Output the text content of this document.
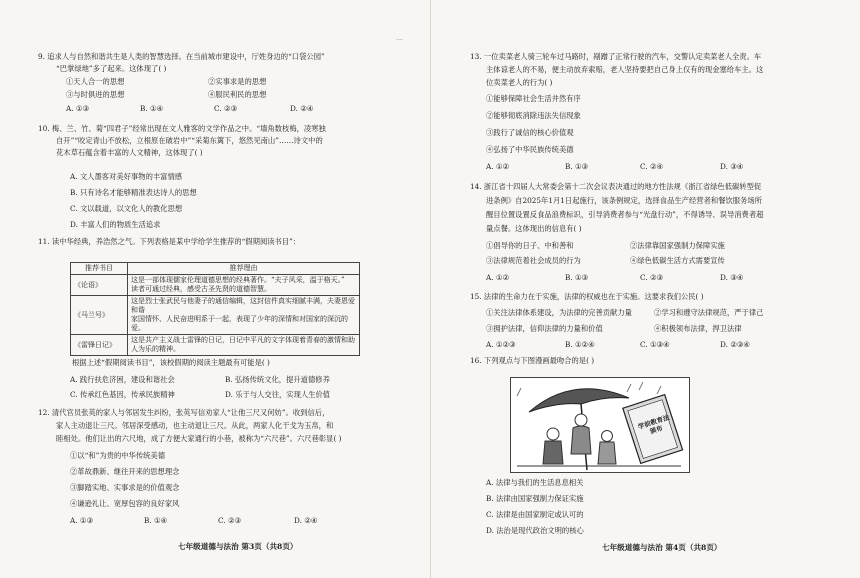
—
9. 追求人与自然和谐共生是人类的智慧选择。在当前城市建设中，厅姓身边的“口袋公园”
“巴掌绿地”多了起来。这体现了( )
①天人合一的思想	②实事求是的思想
③与时俱进的思想	④服民利民的思想
A. ①③	B. ①④	C. ②③	D. ②④
10. 梅、兰、竹、菊“四君子”经常出现在文人雅客的文学作品之中。“墙角数枝梅，凌寒独
自开”“咬定青山不放松，立根原在破岩中”“采菊东篱下，悠然见南山”……诗文中的
花木草石蕴含着丰富的人文精神，这体现了( )
A. 文人墨客对美好事物的丰富情感
B. 只有诗名才能够精准表达诗人的思想
C. 文以载道，以文化人的教化思想
D. 丰富人们的物质生活追求
11. 读中华经典，养浩然之气。下列表格是某中学给学生推荐的“假期阅读书目”：
推荐书目	推荐理由
《论语》	这是一部体现儒家伦理道德思想的经典著作。“夫子风采，温于格天。”
读者可通过经典，感受古圣先贤的道德智慧。

《马兰号》	这是烈士张武民与他妻子的通信编辑，这封信件真实细腻丰满，夫妻恩爱和谐
家国情怀、人民奋进明系于一起，表现了少年的深情和对国家的深沉的爱。

《雷锋日记》	这是共产主义战士雷锋的日记，日记中平凡的文字体现着青春的激情和助
人为乐的精神。
根据上述“假期阅读书目”，该校假期的阅读主题最有可能是( )
A. 践行扶危济困，建设和谐社会	B. 弘扬传统文化，提升道德修养
C. 传承红色基因，传承民族精神	D. 乐于与人交往，实现人生价值
12. 清代官员张英的家人与邻居发生纠纷，张英写信劝家人“让他三尺又何妨”。收到信后，
家人主动退让三尺。邻居深受感动，也主动退让三尺。从此，两家人化干戈为玉帛，和
睦相处。他们让出的六尺地，成了方便大家通行的小巷，被称为“六尺巷”。六尺巷彰显( )
①以“和”为贵的中华传统美德
②革故鼎新、继往开来的思想理念
③脚踏实地、实事求是的价值观念
④谦逊礼让、宽厚包容的良好家风
A. ①③	B. ①④	C. ②③	D. ②④
七年级道德与法治 第3页（共8页）
13. 一位卖菜老人骑三轮车过马路时，剐蹭了正常行驶的汽车，交警认定卖菜老人全责。车
主体谅老人的不易，便主动放弃索赔，老人坚持要把自己身上仅有的现金塞给车主。这
位卖菜老人的行为( )
①能够保障社会生活井然有序
②能够彻底消除违法失信现象
③践行了诚信的核心价值观
④弘扬了中华民族传统美德
A. ①②	B. ①③	C. ②④	D. ③④
14. 浙江省十四届人大常委会第十二次会议表决通过的地方性法规《浙江省绿色低碳转型促
进条例》自2025年1月1日起施行，该条例规定，选择食品生产经营者和餐饮服务场所
醒目位置设置反食品浪费标识，引导消费者参与“光盘行动”，不得诱导、误导消费者超
量点餐。这体现出的信息有( )
①倡导你的日子、中和善和	②法律靠国家强制力保障实施
③法律规范着社会成员的行为	④绿色低碳生活方式需要宣传
A. ①②	B. ①③	C. ②③	D. ③④
15. 法律的生命力在于实施，法律的权威也在于实施。这要求我们公民( )
①关注法律体系建设，为法律的完善贡献力量	②学习和遵守法律规范，严于律己
③拥护法律，信仰法律的力量和价值	④积极领布法律，捍卫法律
A. ①②③	B. ①②④	C. ①③④	D. ②③④
16. 下列观点与下图漫画最吻合的是( )
学前教育法
颁布
A. 法律与我们的生活息息相关
B. 法律由国家强制力保证实施
C. 法律是由国家制定或认可的
D. 法治是现代政治文明的核心
七年级道德与法治 第4页（共8页）
